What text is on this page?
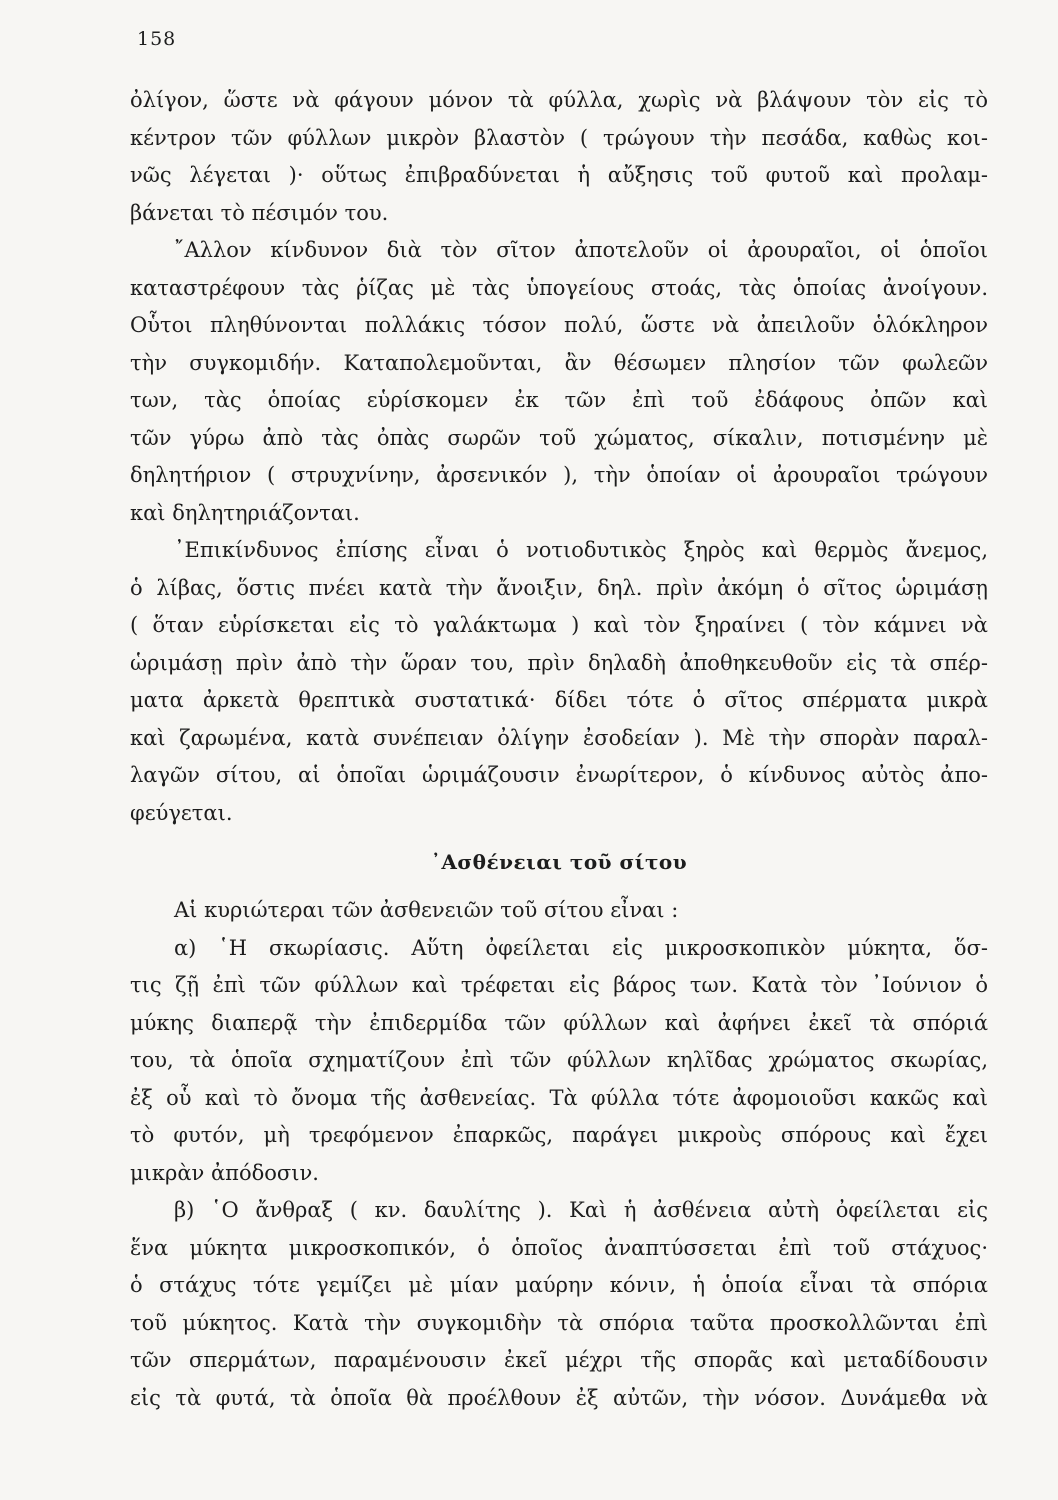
158
ὀλίγον, ὥστε νὰ φάγουν μόνον τὰ φύλλα, χωρὶς νὰ βλάψουν τὸν εἰς τὸ
κέντρον τῶν φύλλων μικρὸν βλαστὸν ( τρώγουν τὴν πεσάδα, καθὼς κοι-
νῶς λέγεται )· οὕτως ἐπιβραδύνεται ἡ αὔξησις τοῦ φυτοῦ καὶ προλαμ-
βάνεται τὸ πέσιμόν του.
῎Αλλον κίνδυνον διὰ τὸν σῖτον ἀποτελοῦν οἱ ἀρουραῖοι, οἱ ὁποῖοι
καταστρέφουν τὰς ῥίζας μὲ τὰς ὑπογείους στοάς, τὰς ὁποίας ἀνοίγουν.
Οὗτοι πληθύνονται πολλάκις τόσον πολύ, ὥστε νὰ ἀπειλοῦν ὁλόκληρον
τὴν συγκομιδήν. Καταπολεμοῦνται, ἂν θέσωμεν πλησίον τῶν φωλεῶν
των, τὰς ὁποίας εὑρίσκομεν ἐκ τῶν ἐπὶ τοῦ ἐδάφους ὀπῶν καὶ
τῶν γύρω ἀπὸ τὰς ὀπὰς σωρῶν τοῦ χώματος, σίκαλιν, ποτισμένην μὲ
δηλητήριον ( στρυχνίνην, ἀρσενικόν ), τὴν ὁποίαν οἱ ἀρουραῖοι τρώγουν
καὶ δηλητηριάζονται.
᾿Επικίνδυνος ἐπίσης εἶναι ὁ νοτιοδυτικὸς ξηρὸς καὶ θερμὸς ἄνεμος,
ὁ λίβας, ὅστις πνέει κατὰ τὴν ἄνοιξιν, δηλ. πρὶν ἀκόμη ὁ σῖτος ὡριμάσῃ
( ὅταν εὑρίσκεται εἰς τὸ γαλάκτωμα ) καὶ τὸν ξηραίνει ( τὸν κάμνει νὰ
ὡριμάσῃ πρὶν ἀπὸ τὴν ὥραν του, πρὶν δηλαδὴ ἀποθηκευθοῦν εἰς τὰ σπέρ-
ματα ἀρκετὰ θρεπτικὰ συστατικά· δίδει τότε ὁ σῖτος σπέρματα μικρὰ
καὶ ζαρωμένα, κατὰ συνέπειαν ὀλίγην ἐσοδείαν ). Μὲ τὴν σπορὰν παραλ-
λαγῶν σίτου, αἱ ὁποῖαι ὡριμάζουσιν ἐνωρίτερον, ὁ κίνδυνος αὐτὸς ἀπο-
φεύγεται.
᾿Ασθένειαι τοῦ σίτου
Αἱ κυριώτεραι τῶν ἀσθενειῶν τοῦ σίτου εἶναι :
α) ῾Η σκωρίασις. Αὕτη ὀφείλεται εἰς μικροσκοπικὸν μύκητα, ὅσ-
τις ζῇ ἐπὶ τῶν φύλλων καὶ τρέφεται εἰς βάρος των. Κατὰ τὸν ᾿Ιούνιον ὁ
μύκης διαπερᾷ τὴν ἐπιδερμίδα τῶν φύλλων καὶ ἀφήνει ἐκεῖ τὰ σπόριά
του, τὰ ὁποῖα σχηματίζουν ἐπὶ τῶν φύλλων κηλῖδας χρώματος σκωρίας,
ἐξ οὗ καὶ τὸ ὄνομα τῆς ἀσθενείας. Τὰ φύλλα τότε ἀφομοιοῦσι κακῶς καὶ
τὸ φυτόν, μὴ τρεφόμενον ἐπαρκῶς, παράγει μικροὺς σπόρους καὶ ἔχει
μικρὰν ἀπόδοσιν.
β) ῾Ο ἄνθραξ ( κν. δαυλίτης ). Καὶ ἡ ἀσθένεια αὐτὴ ὀφείλεται εἰς
ἕνα μύκητα μικροσκοπικόν, ὁ ὁποῖος ἀναπτύσσεται ἐπὶ τοῦ στάχυος·
ὁ στάχυς τότε γεμίζει μὲ μίαν μαύρην κόνιν, ἡ ὁποία εἶναι τὰ σπόρια
τοῦ μύκητος. Κατὰ τὴν συγκομιδὴν τὰ σπόρια ταῦτα προσκολλῶνται ἐπὶ
τῶν σπερμάτων, παραμένουσιν ἐκεῖ μέχρι τῆς σπορᾶς καὶ μεταδίδουσιν
εἰς τὰ φυτά, τὰ ὁποῖα θὰ προέλθουν ἐξ αὐτῶν, τὴν νόσον. Δυνάμεθα νὰ
